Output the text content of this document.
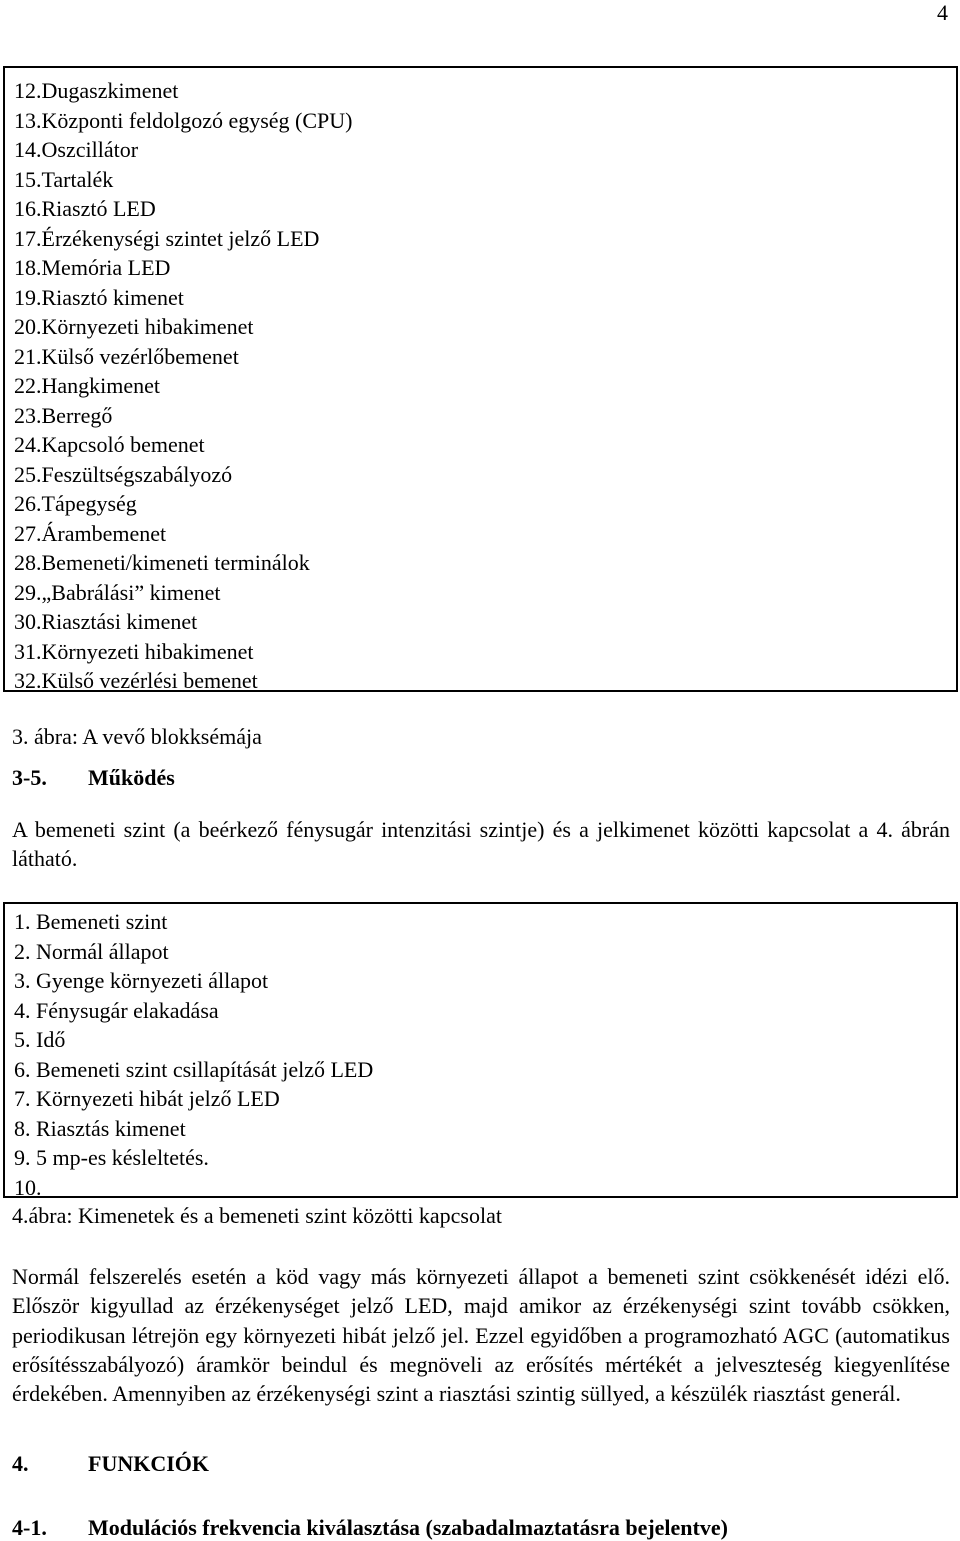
4
12.Dugaszkimenet
13.Központi feldolgozó egység (CPU)
14.Oszcillátor
15.Tartalék
16.Riasztó LED
17.Érzékenységi szintet jelző LED
18.Memória LED
19.Riasztó kimenet
20.Környezeti hibakimenet
21.Külső vezérlőbemenet
22.Hangkimenet
23.Berregő
24.Kapcsoló bemenet
25.Feszültségszabályozó
26.Tápegység
27.Árambemenet
28.Bemeneti/kimeneti terminálok
29.„Babrálási” kimenet
30.Riasztási kimenet
31.Környezeti hibakimenet
32.Külső vezérlési bemenet
3. ábra: A vevő blokksémája
3-5. Működés

A bemeneti szint (a beérkező fénysugár intenzitási szintje) és a jelkimenet közötti kapcsolat a 4. ábrán látható.

1. Bemeneti szint
2. Normál állapot
3. Gyenge környezeti állapot
4. Fénysugár elakadása
5. Idő
6. Bemeneti szint csillapítását jelző LED
7. Környezeti hibát jelző LED
8. Riasztás kimenet
9. 5 mp-es késleltetés.
10.
4.ábra: Kimenetek és a bemeneti szint közötti kapcsolat

Normál felszerelés esetén a köd vagy más környezeti állapot a bemeneti szint csökkenését idézi elő. Először kigyullad az érzékenységet jelző LED, majd amikor az érzékenységi szint tovább csökken, periodikusan létrejön egy környezeti hibát jelző jel. Ezzel egyidőben a programozható AGC (automatikus erősítésszabályozó) áramkör beindul és megnöveli az erősítés mértékét a jelveszteség kiegyenlítése érdekében. Amennyiben az érzékenységi szint a riasztási szintig süllyed, a készülék riasztást generál.

4.	FUNKCIÓK
4-1. Modulációs frekvencia kiválasztása (szabadalmaztatásra bejelentve)
